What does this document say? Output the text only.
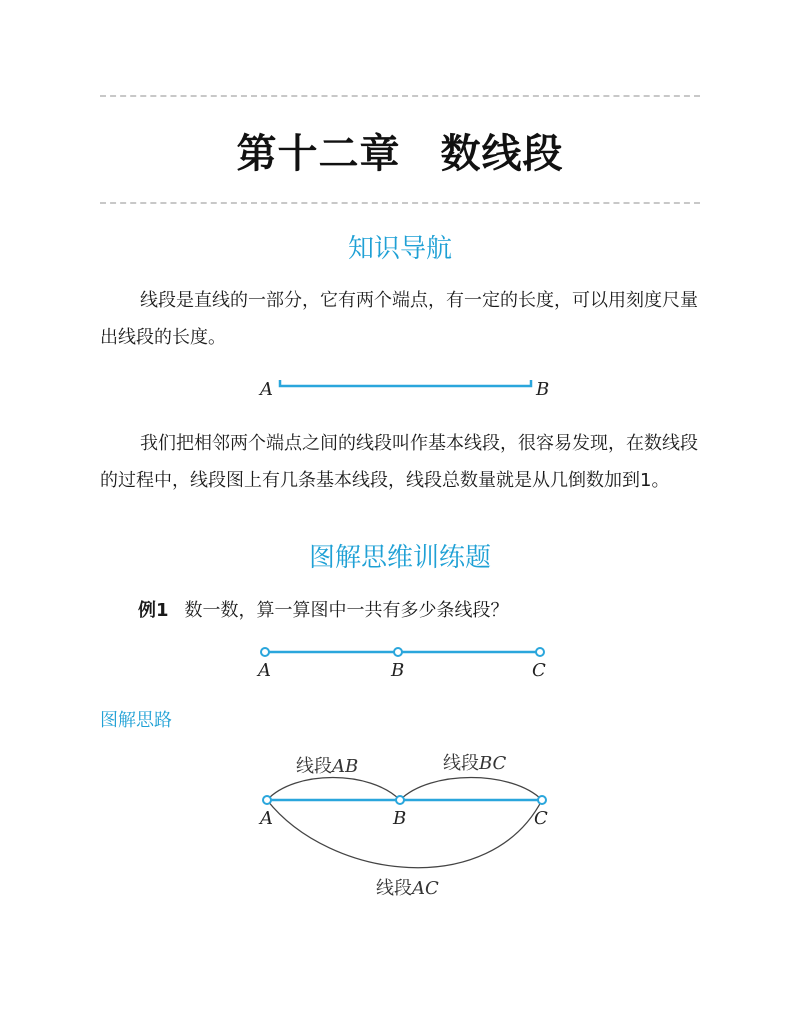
第十二章 数线段
知识导航
线段是直线的一部分，它有两个端点，有一定的长度，可以用刻度尺量出线段的长度。
A	B
我们把相邻两个端点之间的线段叫作基本线段，很容易发现，在数线段的过程中，线段图上有几条基本线段，线段总数量就是从几倒数加到1。
图解思维训练题
例1 数一数，算一算图中一共有多少条线段？
A	B	C
图解思路
线段AB	线段BC
A	B	C
线段AC
